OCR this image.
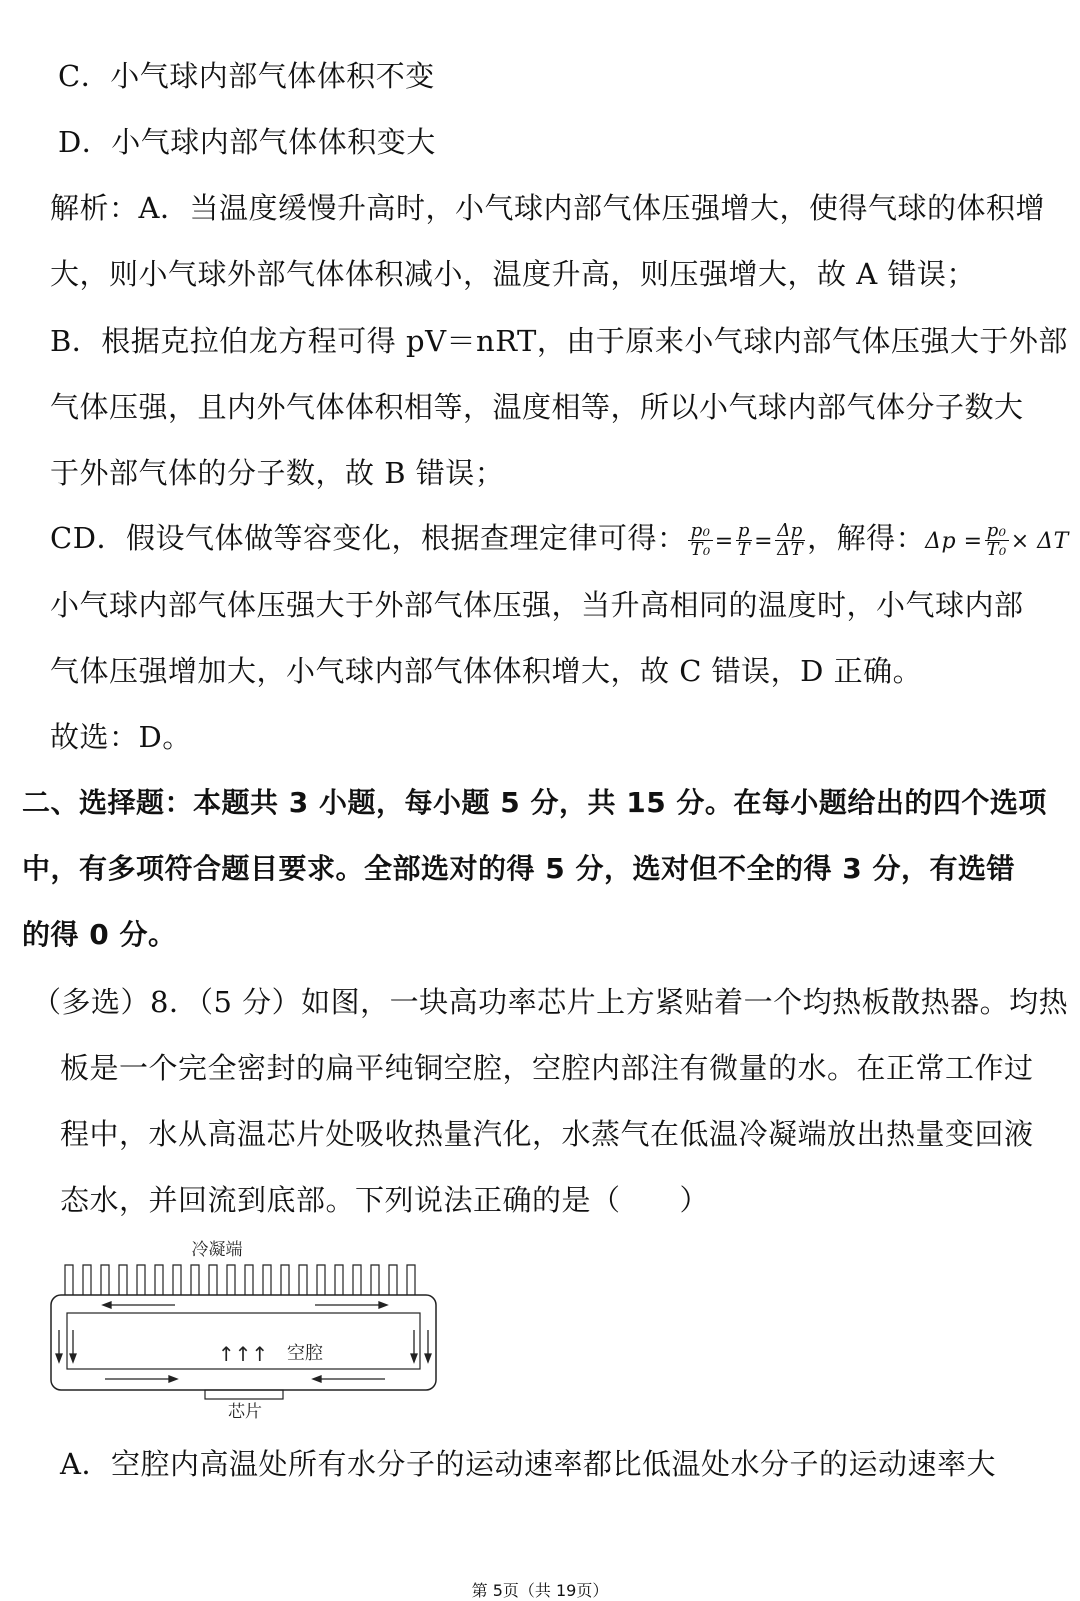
C．小气球内部气体体积不变
D．小气球内部气体体积变大
解析：A．当温度缓慢升高时，小气球内部气体压强增大，使得气球的体积增
大，则小气球外部气体体积减小，温度升高，则压强增大，故 A 错误；
B．根据克拉伯龙方程可得 pV＝nRT，由于原来小气球内部气体压强大于外部
气体压强，且内外气体体积相等，温度相等，所以小气球内部气体分子数大
于外部气体的分子数，故 B 错误；
CD．假设气体做等容变化，根据查理定律可得： $\frac{\text{p₀}}{\text{T₀}} = \frac{p}{T} = \frac{\Delta p}{\Delta T}$ ，解得：$\Delta p = \frac{\text{p₀}}{\text{T₀}} \times \Delta T$
小气球内部气体压强大于外部气体压强，当升高相同的温度时，小气球内部
气体压强增加大，小气球内部气体体积增大，故 C 错误，D 正确。
故选：D。
二、选择题：本题共 3 小题，每小题 5 分，共 15 分。在每小题给出的四个选项
中，有多项符合题目要求。全部选对的得 5 分，选对但不全的得 3 分，有选错
的得 0 分。
（多选）8．（5 分）如图，一块高功率芯片上方紧贴着一个均热板散热器。均热
板是一个完全密封的扁平纯铜空腔，空腔内部注有微量的水。在正常工作过
程中，水从高温芯片处吸收热量汽化，水蒸气在低温冷凝端放出热量变回液
态水，并回流到底部。下列说法正确的是（　　）
冷凝端
↑↑↑ 空腔
芯片
A．空腔内高温处所有水分子的运动速率都比低温处水分子的运动速率大
第 5页（共 19页）
